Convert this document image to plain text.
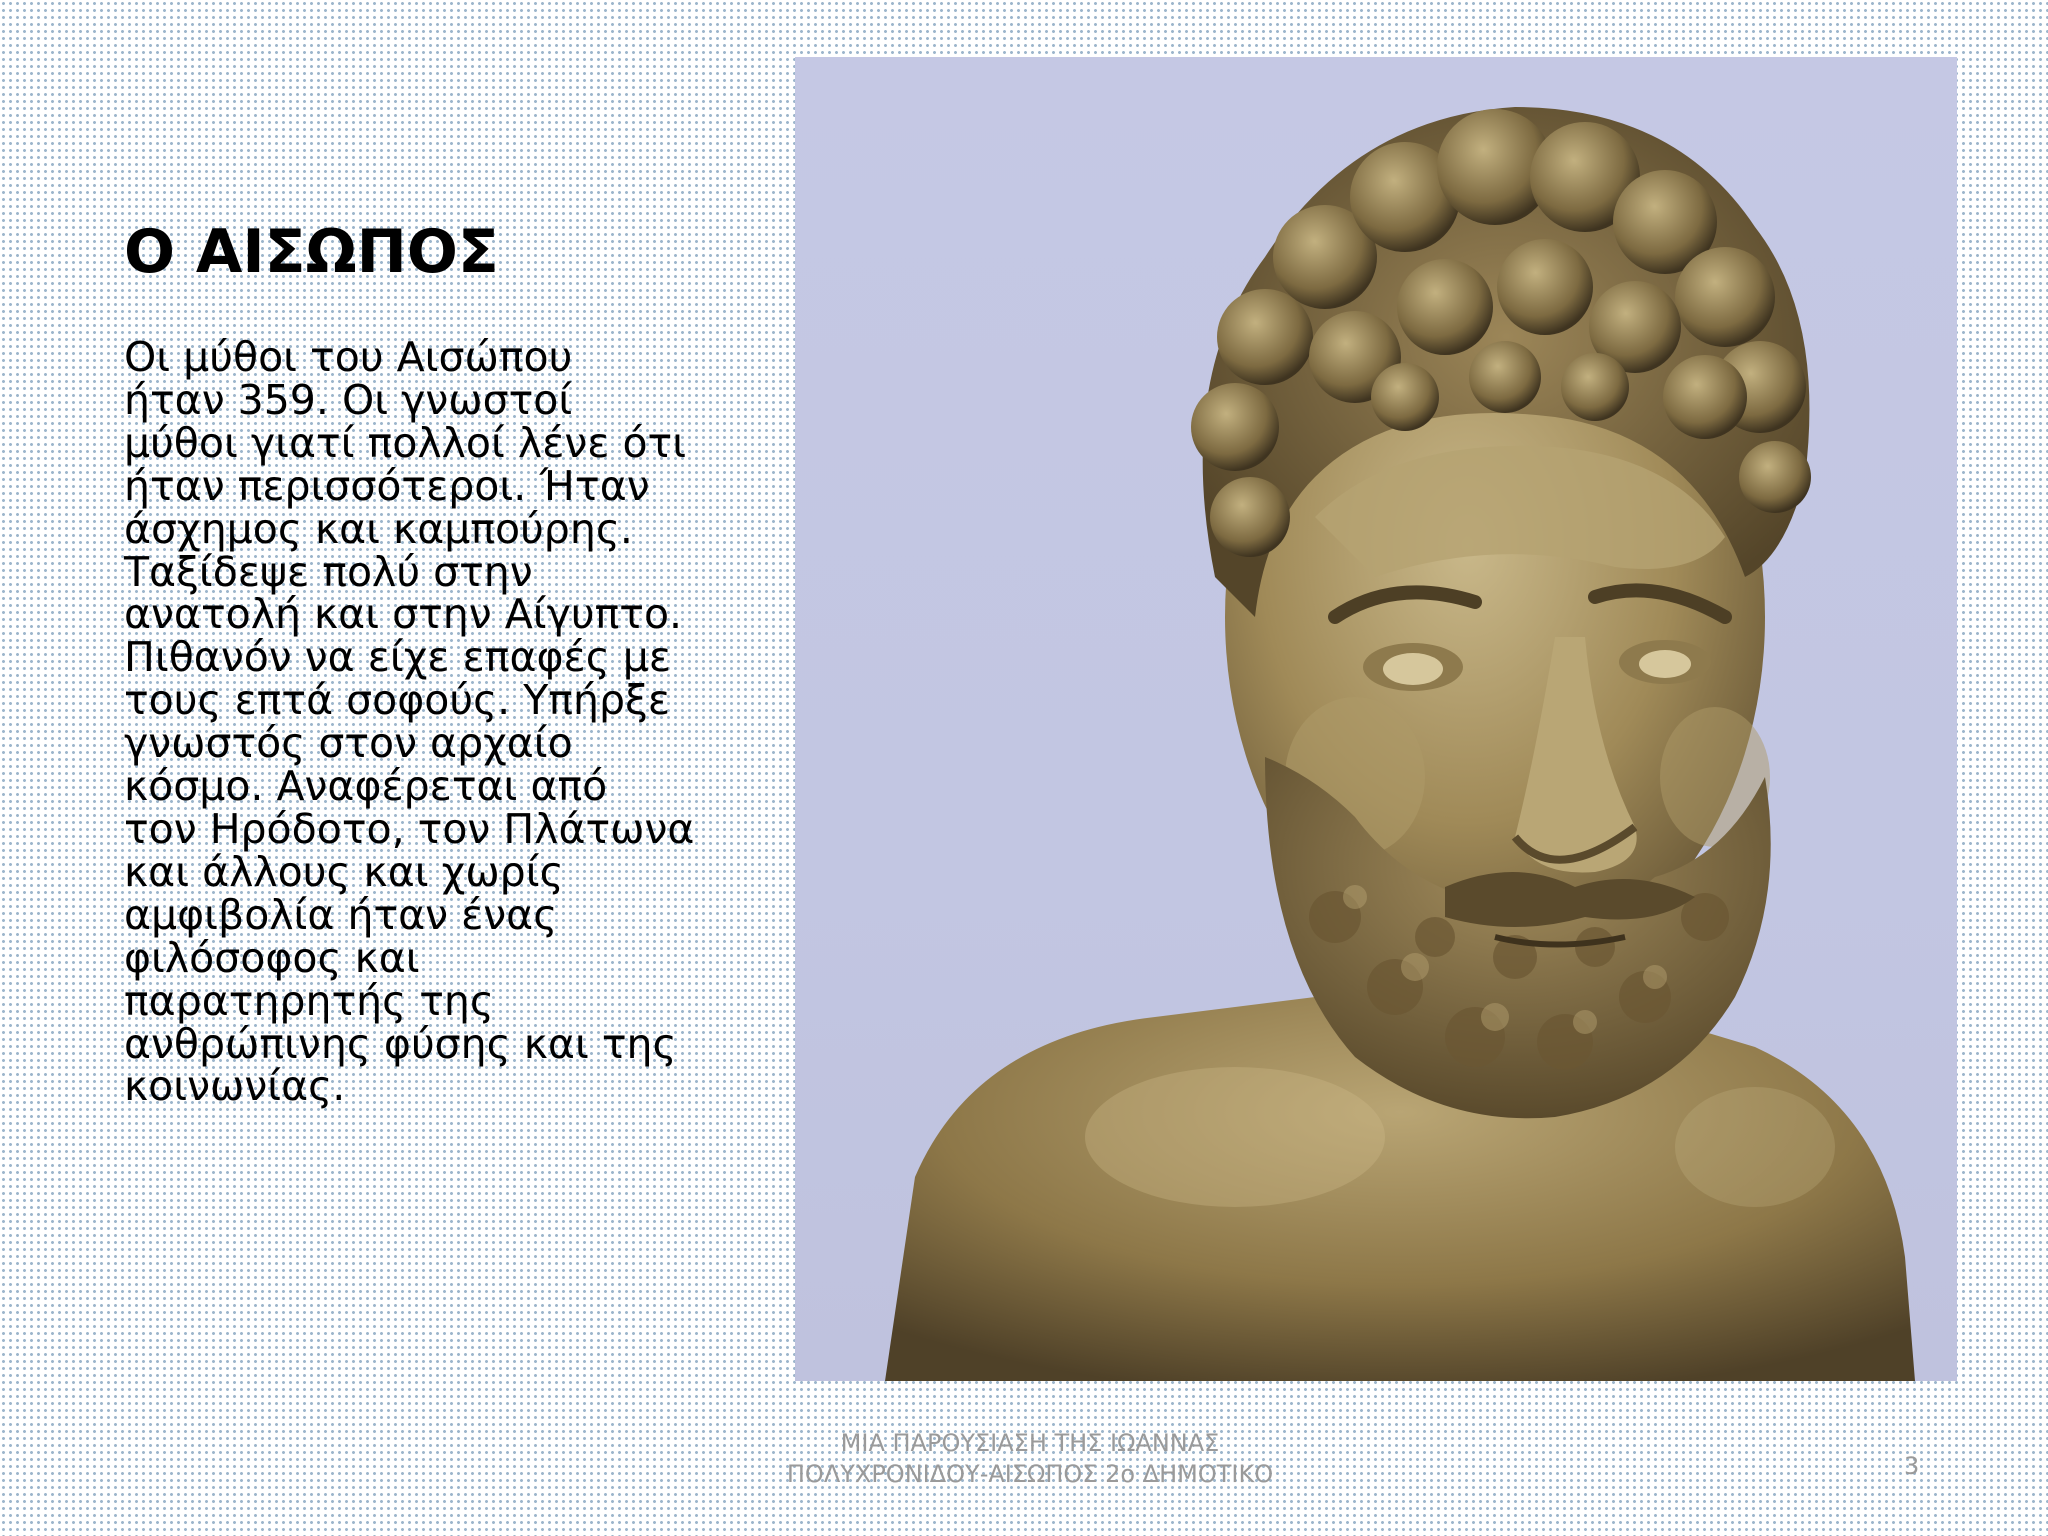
Ο ΑΙΣΩΠΟΣ

Οι μύθοι του Αισώπου
ήταν 359. Οι γνωστοί
μύθοι γιατί πολλοί λένε ότι
ήταν περισσότεροι. Ήταν
άσχημος και καμπούρης.
Ταξίδεψε πολύ στην
ανατολή και στην Αίγυπτο.
Πιθανόν να είχε επαφές με
τους επτά σοφούς. Υπήρξε
γνωστός στον αρχαίο
κόσμο. Αναφέρεται από
τον Ηρόδοτο, τον Πλάτωνα
και άλλους και χωρίς
αμφιβολία ήταν ένας
φιλόσοφος και
παρατηρητής της
ανθρώπινης φύσης και της
κοινωνίας.

ΜΙΑ ΠΑΡΟΥΣΙΑΣΗ ΤΗΣ ΙΩΑΝΝΑΣ
ΠΟΛΥΧΡΟΝΙΔΟΥ-ΑΙΣΩΠΟΣ 2ο ΔΗΜΟΤΙΚΟ	3
